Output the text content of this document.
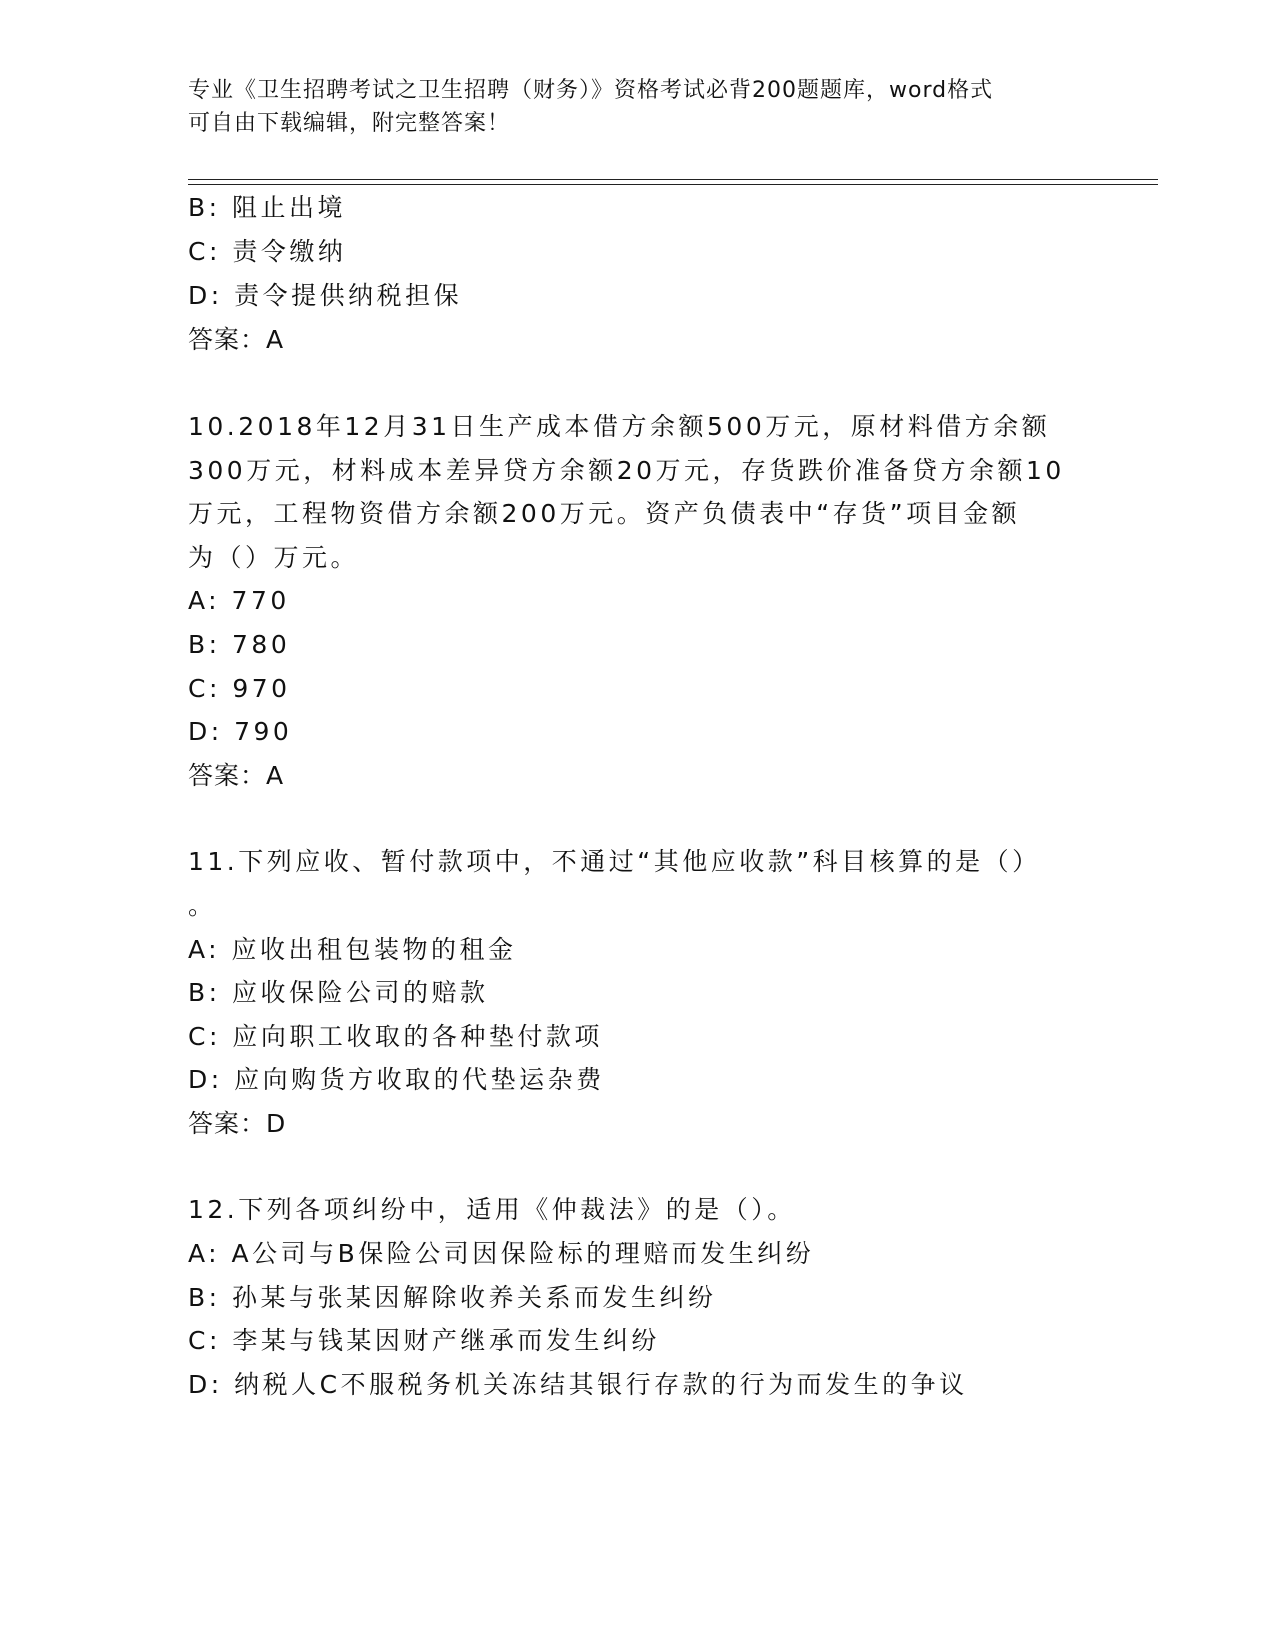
专业《卫生招聘考试之卫生招聘（财务）》资格考试必背200题题库，word格式
可自由下载编辑，附完整答案！
B: 阻止出境
C: 责令缴纳
D: 责令提供纳税担保
答案：A
10.2018年12月31日生产成本借方余额500万元，原材料借方余额
300万元，材料成本差异贷方余额20万元，存货跌价准备贷方余额10
万元，工程物资借方余额200万元。资产负债表中“存货”项目金额
为（）万元。
A: 770
B: 780
C: 970
D: 790
答案：A
11.下列应收、暂付款项中，不通过“其他应收款”科目核算的是（）
。
A: 应收出租包装物的租金
B: 应收保险公司的赔款
C: 应向职工收取的各种垫付款项
D: 应向购货方收取的代垫运杂费
答案：D
12.下列各项纠纷中，适用《仲裁法》的是（）。
A: A公司与B保险公司因保险标的理赔而发生纠纷
B: 孙某与张某因解除收养关系而发生纠纷
C: 李某与钱某因财产继承而发生纠纷
D: 纳税人C不服税务机关冻结其银行存款的行为而发生的争议
